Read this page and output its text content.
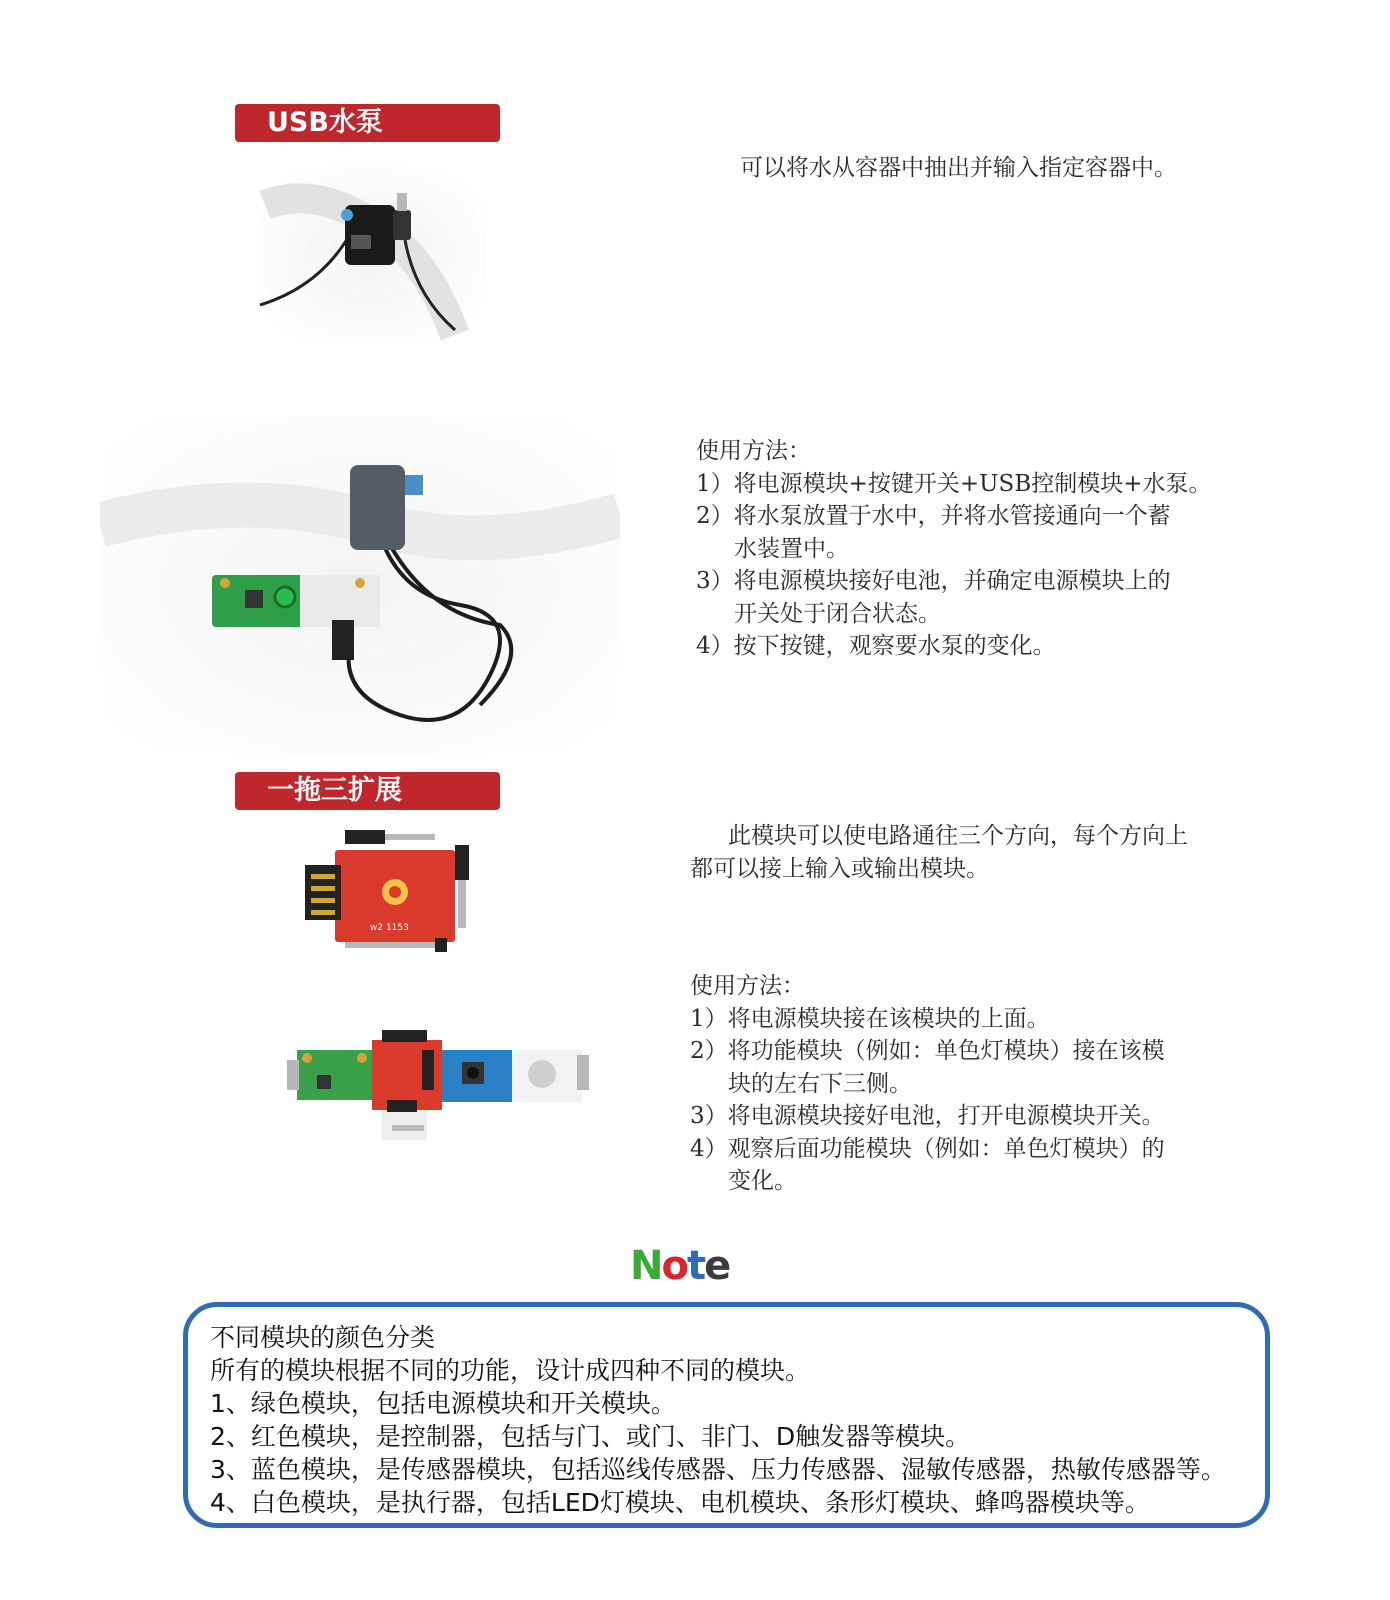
USB水泵

可以将水从容器中抽出并输入指定容器中。

使用方法：

1）将电源模块+按键开关+USB控制模块+水泵。

2）将水泵放置于水中，并将水管接通向一个蓄

水装置中。

3）将电源模块接好电池，并确定电源模块上的

开关处于闭合状态。

4）按下按键，观察要水泵的变化。

一拖三扩展
w2 1153

此模块可以使电路通往三个方向，每个方向上

都可以接上输入或输出模块。

使用方法：

1）将电源模块接在该模块的上面。

2）将功能模块（例如：单色灯模块）接在该模

块的左右下三侧。

3）将电源模块接好电池，打开电源模块开关。

4）观察后面功能模块（例如：单色灯模块）的

变化。

Note
不同模块的颜色分类
所有的模块根据不同的功能，设计成四种不同的模块。
1、绿色模块，包括电源模块和开关模块。
2、红色模块，是控制器，包括与门、或门、非门、D触发器等模块。
3、蓝色模块，是传感器模块，包括巡线传感器、压力传感器、湿敏传感器，热敏传感器等。
4、白色模块，是执行器，包括LED灯模块、电机模块、条形灯模块、蜂鸣器模块等。
